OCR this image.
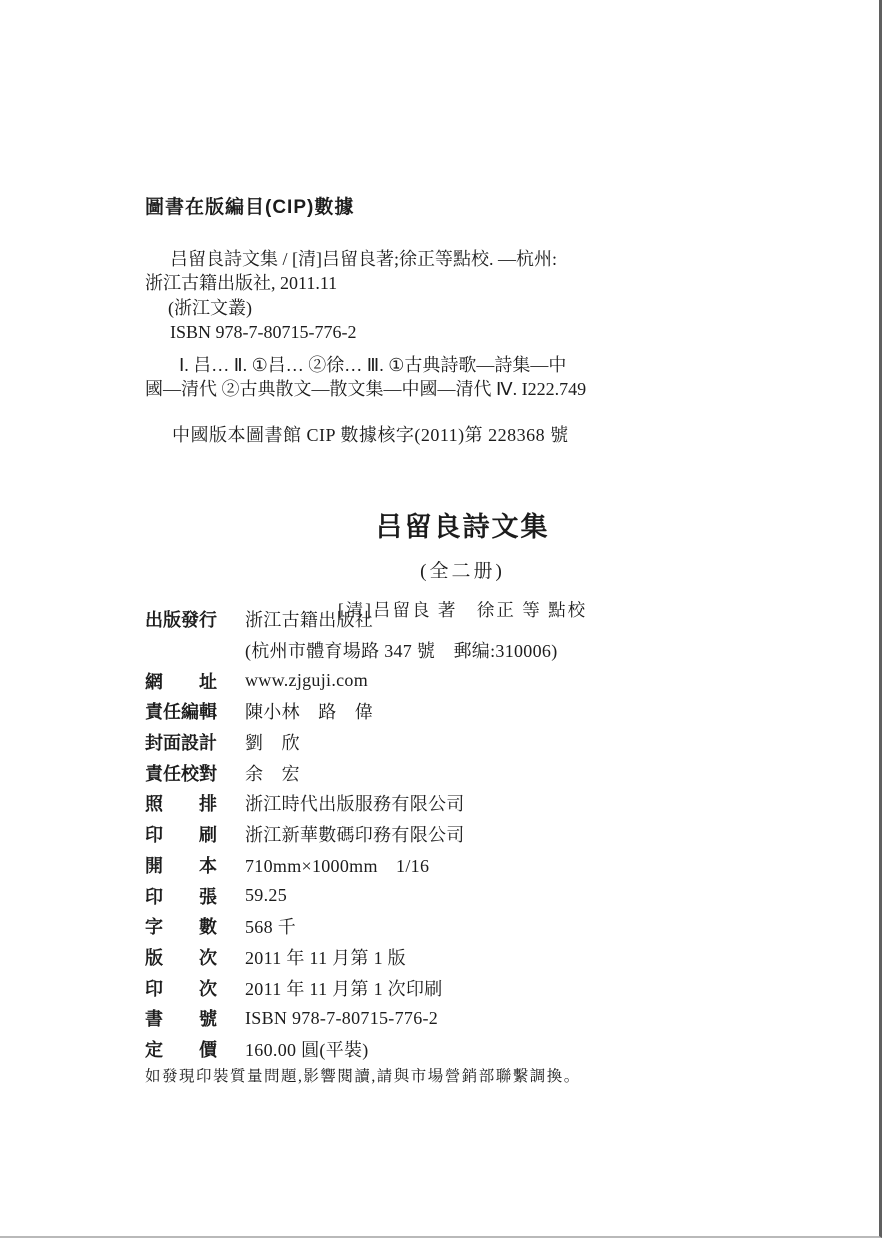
圖書在版編目(CIP)數據
吕留良詩文集 / [清]吕留良著;徐正等點校. —杭州:
浙江古籍出版社, 2011.11
(浙江文叢)
ISBN 978-7-80715-776-2
Ⅰ. 吕… Ⅱ. ①吕… ②徐… Ⅲ. ①古典詩歌—詩集—中
國—清代 ②古典散文—散文集—中國—清代 Ⅳ. I222.749
中國版本圖書館 CIP 數據核字(2011)第 228368 號
吕留良詩文集
(全二册)
[清]吕留良 著　徐正 等 點校
出版發行	浙江古籍出版社
(杭州市體育場路 347 號　郵编:310006)
網　　址	www.zjguji.com
責任編輯	陳小林　路　偉
封面設計	劉　欣
責任校對	余　宏
照　　排	浙江時代出版服務有限公司
印　　刷	浙江新華數碼印務有限公司
開　　本	710mm×1000mm　1/16
印　　張	59.25
字　　數	568 千
版　　次	2011 年 11 月第 1 版
印　　次	2011 年 11 月第 1 次印刷
書　　號	ISBN 978-7-80715-776-2
定　　價	160.00 圓(平裝)
如發現印裝質量問題,影響閱讀,請與市場營銷部聯繫調換。
